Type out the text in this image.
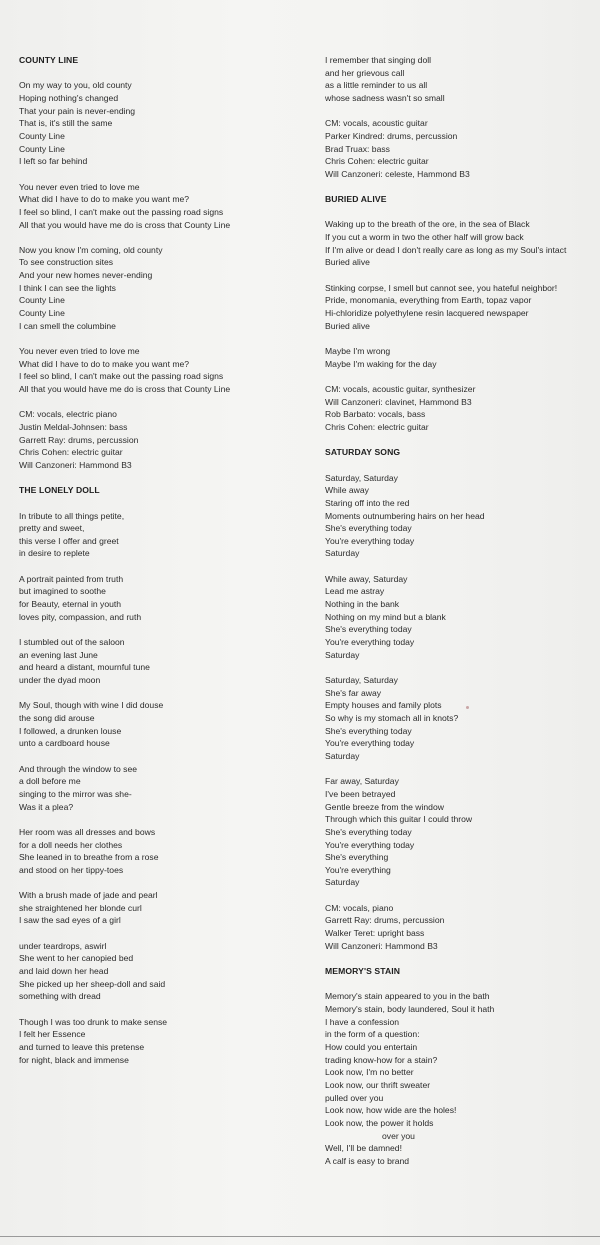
COUNTY LINE
On my way to you, old county
Hoping nothing's changed
That your pain is never-ending
That is, it's still the same
County Line
County Line
I left so far behind
You never even tried to love me
What did I have to do to make you want me?
I feel so blind, I can't make out the passing road signs
All that you would have me do is cross that County Line
Now you know I'm coming, old county
To see construction sites
And your new homes never-ending
I think I can see the lights
County Line
County Line
I can smell the columbine
You never even tried to love me
What did I have to do to make you want me?
I feel so blind, I can't make out the passing road signs
All that you would have me do is cross that County Line
CM: vocals, electric piano
Justin Meldal-Johnsen: bass
Garrett Ray: drums, percussion
Chris Cohen: electric guitar
Will Canzoneri: Hammond B3
THE LONELY DOLL
In tribute to all things petite,
pretty and sweet,
this verse I offer and greet
in desire to replete
A portrait painted from truth
but imagined to soothe
for Beauty, eternal in youth
loves pity, compassion, and ruth
I stumbled out of the saloon
an evening last June
and heard a distant, mournful tune
under the dyad moon
My Soul, though with wine I did douse
the song did arouse
I followed, a drunken louse
unto a cardboard house
And through the window to see
a doll before me
singing to the mirror was she-
Was it a plea?
Her room was all dresses and bows
for a doll needs her clothes
She leaned in to breathe from a rose
and stood on her tippy-toes
With a brush made of jade and pearl
she straightened her blonde curl
I saw the sad eyes of a girl
under teardrops, aswirl
She went to her canopied bed
and laid down her head
She picked up her sheep-doll and said
something with dread
Though I was too drunk to make sense
I felt her Essence
and turned to leave this pretense
for night, black and immense
I remember that singing doll
and her grievous call
as a little reminder to us all
whose sadness wasn't so small
CM: vocals, acoustic guitar
Parker Kindred: drums, percussion
Brad Truax: bass
Chris Cohen: electric guitar
Will Canzoneri: celeste, Hammond B3
BURIED ALIVE
Waking up to the breath of the ore, in the sea of Black
If you cut a worm in two the other half will grow back
If I'm alive or dead I don't really care as long as my Soul's intact
Buried alive
Stinking corpse, I smell but cannot see, you hateful neighbor!
Pride, monomania, everything from Earth, topaz vapor
Hi-chloridize polyethylene resin lacquered newspaper
Buried alive
Maybe I'm wrong
Maybe I'm waking for the day
CM: vocals, acoustic guitar, synthesizer
Will Canzoneri: clavinet, Hammond B3
Rob Barbato: vocals, bass
Chris Cohen: electric guitar
SATURDAY SONG
Saturday, Saturday
While away
Staring off into the red
Moments outnumbering hairs on her head
She's everything today
You're everything today
Saturday
While away, Saturday
Lead me astray
Nothing in the bank
Nothing on my mind but a blank
She's everything today
You're everything today
Saturday
Saturday, Saturday
She's far away
Empty houses and family plots
So why is my stomach all in knots?
She's everything today
You're everything today
Saturday
Far away, Saturday
I've been betrayed
Gentle breeze from the window
Through which this guitar I could throw
She's everything today
You're everything today
She's everything
You're everything
Saturday
CM: vocals, piano
Garrett Ray: drums, percussion
Walker Teret: upright bass
Will Canzoneri: Hammond B3
MEMORY'S STAIN
Memory's stain appeared to you in the bath
Memory's stain, body laundered, Soul it hath
I have a confession
in the form of a question:
How could you entertain
trading know-how for a stain?
Look now, I'm no better
Look now, our thrift sweater
pulled over you
Look now, how wide are the holes!
Look now, the power it holds
over you
Well, I'll be damned!
A calf is easy to brand
